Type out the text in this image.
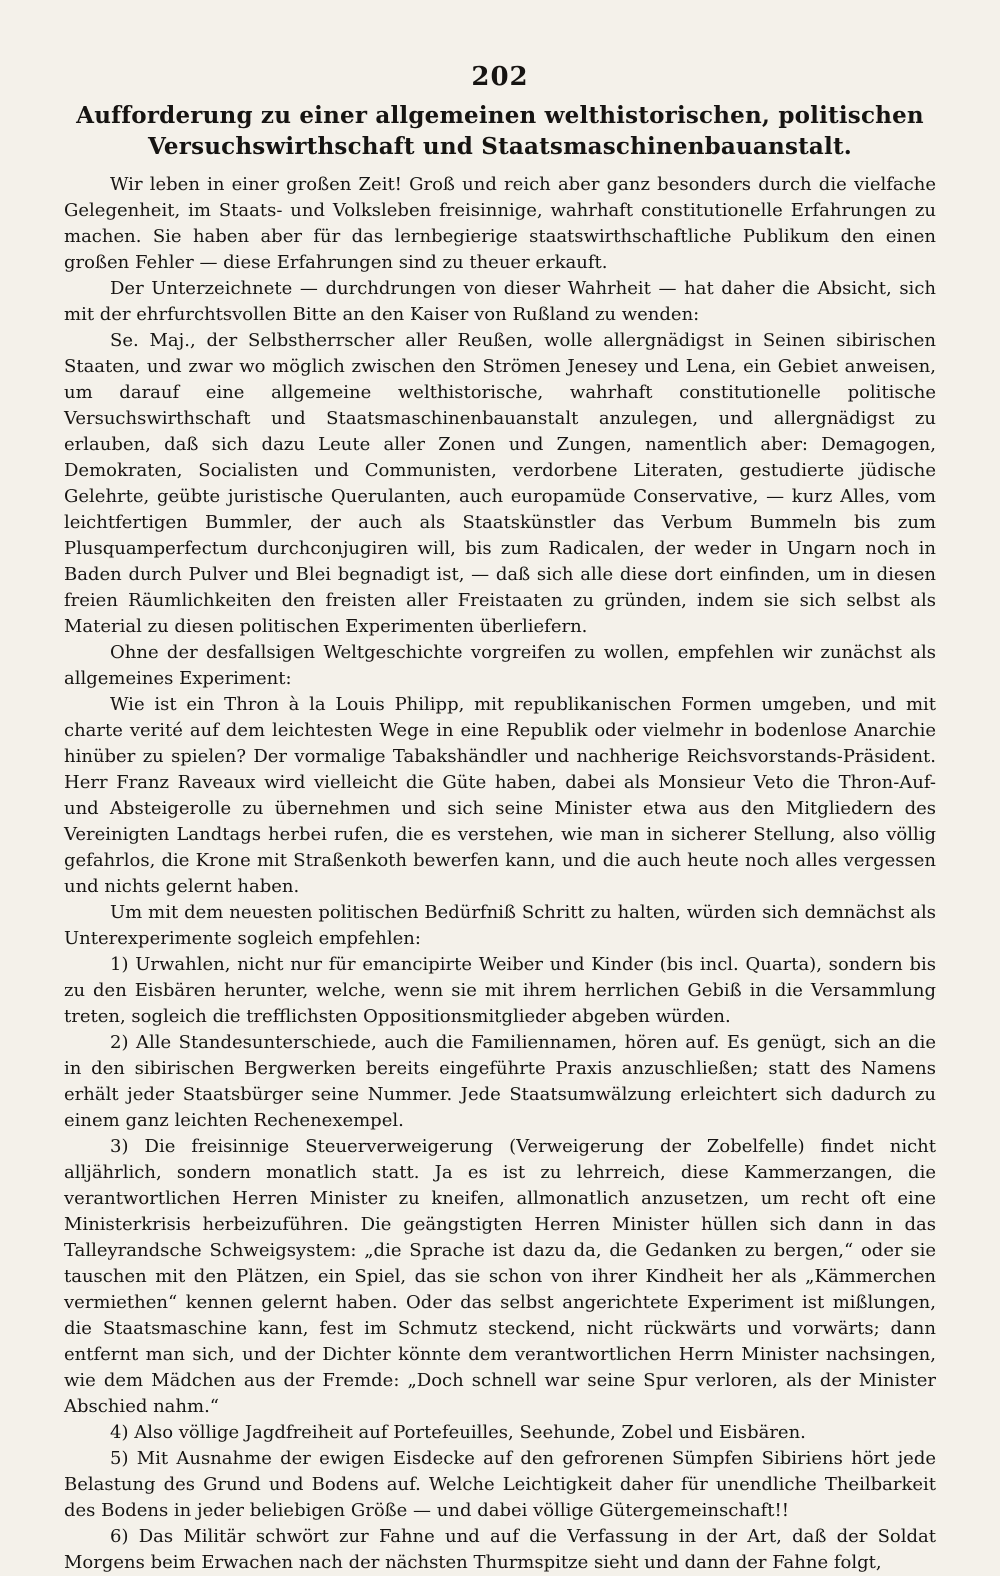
202
Aufforderung zu einer allgemeinen welthistorischen, politischen Versuchswirthschaft und Staatsmaschinenbauanstalt.

Wir leben in einer großen Zeit! Groß und reich aber ganz besonders durch die vielfache Gelegenheit, im Staats- und Volksleben freisinnige, wahrhaft constitutionelle Erfahrungen zu machen. Sie haben aber für das lernbegierige staatswirthschaftliche Publikum den einen großen Fehler — diese Erfahrungen sind zu theuer erkauft.

Der Unterzeichnete — durchdrungen von dieser Wahrheit — hat daher die Absicht, sich mit der ehrfurchtsvollen Bitte an den Kaiser von Rußland zu wenden:

Se. Maj., der Selbstherrscher aller Reußen, wolle allergnädigst in Seinen sibirischen Staaten, und zwar wo möglich zwischen den Strömen Jenesey und Lena, ein Gebiet anweisen, um darauf eine allgemeine welthistorische, wahrhaft constitutionelle politische Versuchswirthschaft und Staatsmaschinenbauanstalt anzulegen, und allergnädigst zu erlauben, daß sich dazu Leute aller Zonen und Zungen, namentlich aber: Demagogen, Demokraten, Socialisten und Communisten, verdorbene Literaten, gestudierte jüdische Gelehrte, geübte juristische Querulanten, auch europamüde Conservative, — kurz Alles, vom leichtfertigen Bummler, der auch als Staatskünstler das Verbum Bummeln bis zum Plusquamperfectum durchconjugiren will, bis zum Radicalen, der weder in Ungarn noch in Baden durch Pulver und Blei begnadigt ist, — daß sich alle diese dort einfinden, um in diesen freien Räumlichkeiten den freisten aller Freistaaten zu gründen, indem sie sich selbst als Material zu diesen politischen Experimenten überliefern.

Ohne der desfallsigen Weltgeschichte vorgreifen zu wollen, empfehlen wir zunächst als allgemeines Experiment:

Wie ist ein Thron à la Louis Philipp, mit republikanischen Formen umgeben, und mit charte verité auf dem leichtesten Wege in eine Republik oder vielmehr in bodenlose Anarchie hinüber zu spielen? Der vormalige Tabakshändler und nachherige Reichsvorstands-Präsident. Herr Franz Raveaux wird vielleicht die Güte haben, dabei als Monsieur Veto die Thron-Auf- und Absteigerolle zu übernehmen und sich seine Minister etwa aus den Mitgliedern des Vereinigten Landtags herbei rufen, die es verstehen, wie man in sicherer Stellung, also völlig gefahrlos, die Krone mit Straßenkoth bewerfen kann, und die auch heute noch alles vergessen und nichts gelernt haben.

Um mit dem neuesten politischen Bedürfniß Schritt zu halten, würden sich demnächst als Unterexperimente sogleich empfehlen:

1) Urwahlen, nicht nur für emancipirte Weiber und Kinder (bis incl. Quarta), sondern bis zu den Eisbären herunter, welche, wenn sie mit ihrem herrlichen Gebiß in die Versammlung treten, sogleich die trefflichsten Oppositionsmitglieder abgeben würden.

2) Alle Standesunterschiede, auch die Familiennamen, hören auf. Es genügt, sich an die in den sibirischen Bergwerken bereits eingeführte Praxis anzuschließen; statt des Namens erhält jeder Staatsbürger seine Nummer. Jede Staatsumwälzung erleichtert sich dadurch zu einem ganz leichten Rechenexempel.

3) Die freisinnige Steuerverweigerung (Verweigerung der Zobelfelle) findet nicht alljährlich, sondern monatlich statt. Ja es ist zu lehrreich, diese Kammerzangen, die verantwortlichen Herren Minister zu kneifen, allmonatlich anzusetzen, um recht oft eine Ministerkrisis herbeizuführen. Die geängstigten Herren Minister hüllen sich dann in das Talleyrandsche Schweigsystem: „die Sprache ist dazu da, die Gedanken zu bergen,“ oder sie tauschen mit den Plätzen, ein Spiel, das sie schon von ihrer Kindheit her als „Kämmerchen vermiethen“ kennen gelernt haben. Oder das selbst angerichtete Experiment ist mißlungen, die Staatsmaschine kann, fest im Schmutz steckend, nicht rückwärts und vorwärts; dann entfernt man sich, und der Dichter könnte dem verantwortlichen Herrn Minister nachsingen, wie dem Mädchen aus der Fremde: „Doch schnell war seine Spur verloren, als der Minister Abschied nahm.“

4) Also völlige Jagdfreiheit auf Portefeuilles, Seehunde, Zobel und Eisbären.

5) Mit Ausnahme der ewigen Eisdecke auf den gefrorenen Sümpfen Sibiriens hört jede Belastung des Grund und Bodens auf. Welche Leichtigkeit daher für unendliche Theilbarkeit des Bodens in jeder beliebigen Größe — und dabei völlige Gütergemeinschaft!!

6) Das Militär schwört zur Fahne und auf die Verfassung in der Art, daß der Soldat Morgens beim Erwachen nach der nächsten Thurmspitze sieht und dann der Fahne folgt,
